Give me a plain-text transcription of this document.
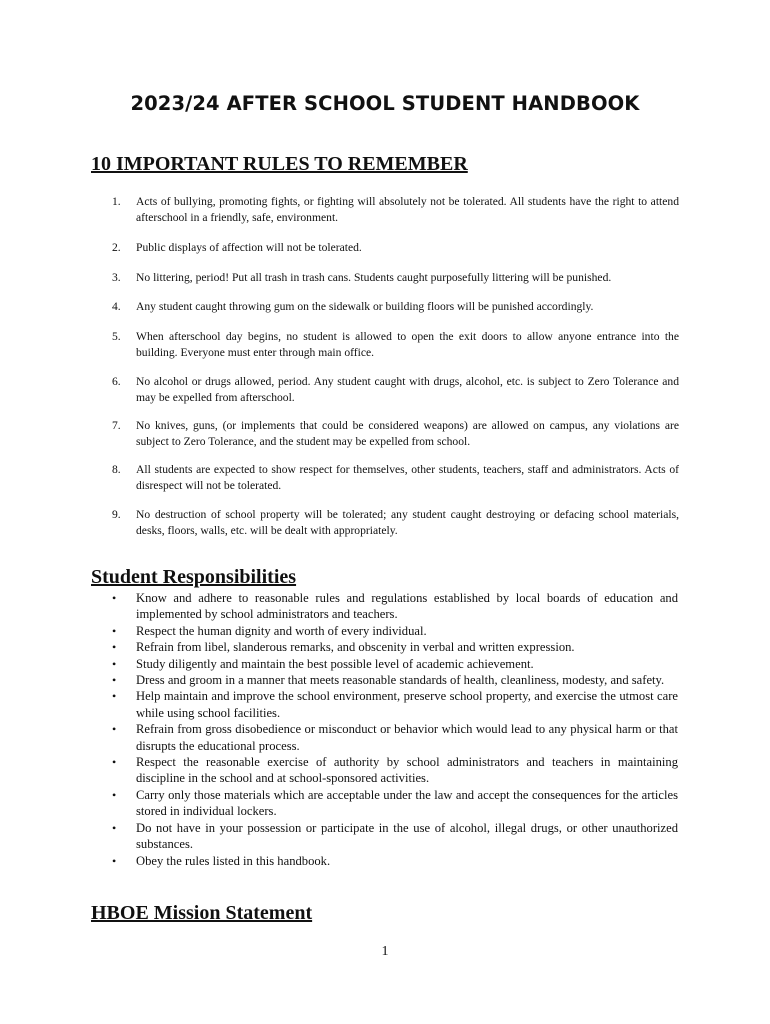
2023/24 AFTER SCHOOL STUDENT HANDBOOK
10 IMPORTANT RULES TO REMEMBER
1. Acts of bullying, promoting fights, or fighting will absolutely not be tolerated. All students have the right to attend afterschool in a friendly, safe, environment.
2. Public displays of affection will not be tolerated.
3. No littering, period! Put all trash in trash cans. Students caught purposefully littering will be punished.
4. Any student caught throwing gum on the sidewalk or building floors will be punished accordingly.
5. When afterschool day begins, no student is allowed to open the exit doors to allow anyone entrance into the building. Everyone must enter through main office.
6. No alcohol or drugs allowed, period. Any student caught with drugs, alcohol, etc. is subject to Zero Tolerance and may be expelled from afterschool.
7. No knives, guns, (or implements that could be considered weapons) are allowed on campus, any violations are subject to Zero Tolerance, and the student may be expelled from school.
8. All students are expected to show respect for themselves, other students, teachers, staff and administrators. Acts of disrespect will not be tolerated.
9. No destruction of school property will be tolerated; any student caught destroying or defacing school materials, desks, floors, walls, etc. will be dealt with appropriately.
Student Responsibilities
• Know and adhere to reasonable rules and regulations established by local boards of education and implemented by school administrators and teachers.
• Respect the human dignity and worth of every individual.
• Refrain from libel, slanderous remarks, and obscenity in verbal and written expression.
• Study diligently and maintain the best possible level of academic achievement.
• Dress and groom in a manner that meets reasonable standards of health, cleanliness, modesty, and safety.
• Help maintain and improve the school environment, preserve school property, and exercise the utmost care while using school facilities.
• Refrain from gross disobedience or misconduct or behavior which would lead to any physical harm or that disrupts the educational process.
• Respect the reasonable exercise of authority by school administrators and teachers in maintaining discipline in the school and at school-sponsored activities.
• Carry only those materials which are acceptable under the law and accept the consequences for the articles stored in individual lockers.
• Do not have in your possession or participate in the use of alcohol, illegal drugs, or other unauthorized substances.
• Obey the rules listed in this handbook.
HBOE Mission Statement
1
